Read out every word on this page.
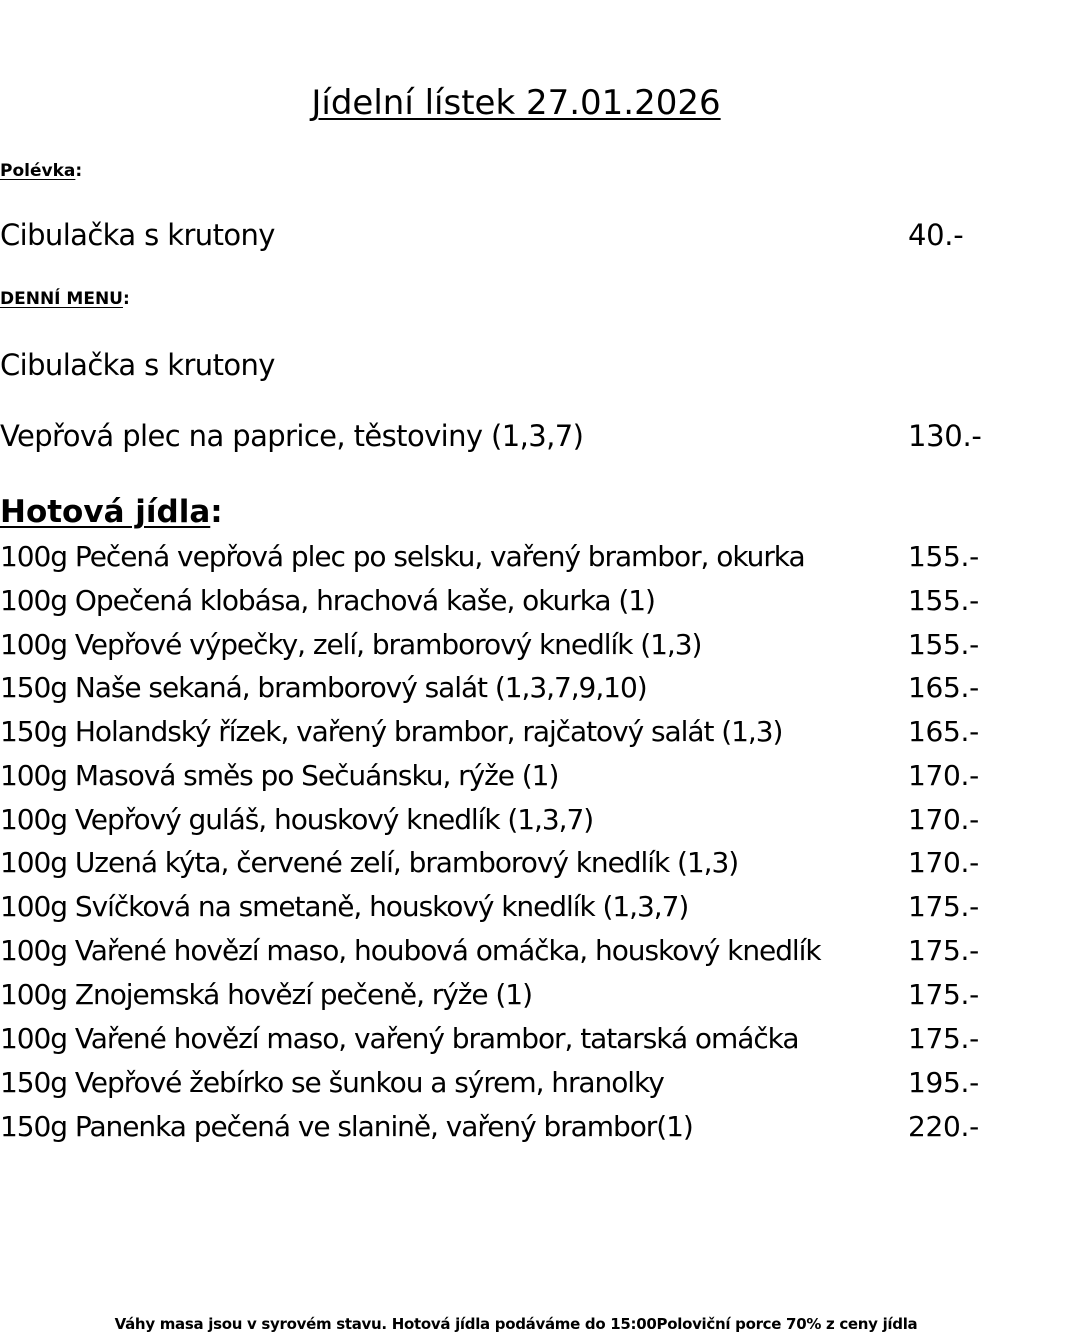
Jídelní lístek 27.01.2026
Polévka:
Cibulačka s krutony	40.-
DENNÍ MENU:
Cibulačka s krutony
Vepřová plec na paprice, těstoviny (1,3,7)	130.-
Hotová jídla:
100g Pečená vepřová plec po selsku, vařený brambor, okurka	155.-
100g Opečená klobása, hrachová kaše, okurka (1)	155.-
100g Vepřové výpečky, zelí, bramborový knedlík (1,3)	155.-
150g Naše sekaná, bramborový salát (1,3,7,9,10)	165.-
150g Holandský řízek, vařený brambor, rajčatový salát (1,3)	165.-
100g Masová směs po Sečuánsku, rýže (1)	170.-
100g Vepřový guláš, houskový knedlík (1,3,7)	170.-
100g Uzená kýta, červené zelí, bramborový knedlík (1,3)	170.-
100g Svíčková na smetaně, houskový knedlík (1,3,7)	175.-
100g Vařené hovězí maso, houbová omáčka, houskový knedlík	175.-
100g Znojemská hovězí pečeně, rýže (1)	175.-
100g Vařené hovězí maso, vařený brambor, tatarská omáčka	175.-
150g Vepřové žebírko se šunkou a sýrem, hranolky	195.-
150g Panenka pečená ve slanině, vařený brambor(1)	220.-
Váhy masa jsou v syrovém stavu. Hotová jídla podáváme do 15:00Poloviční porce 70% z ceny jídla
